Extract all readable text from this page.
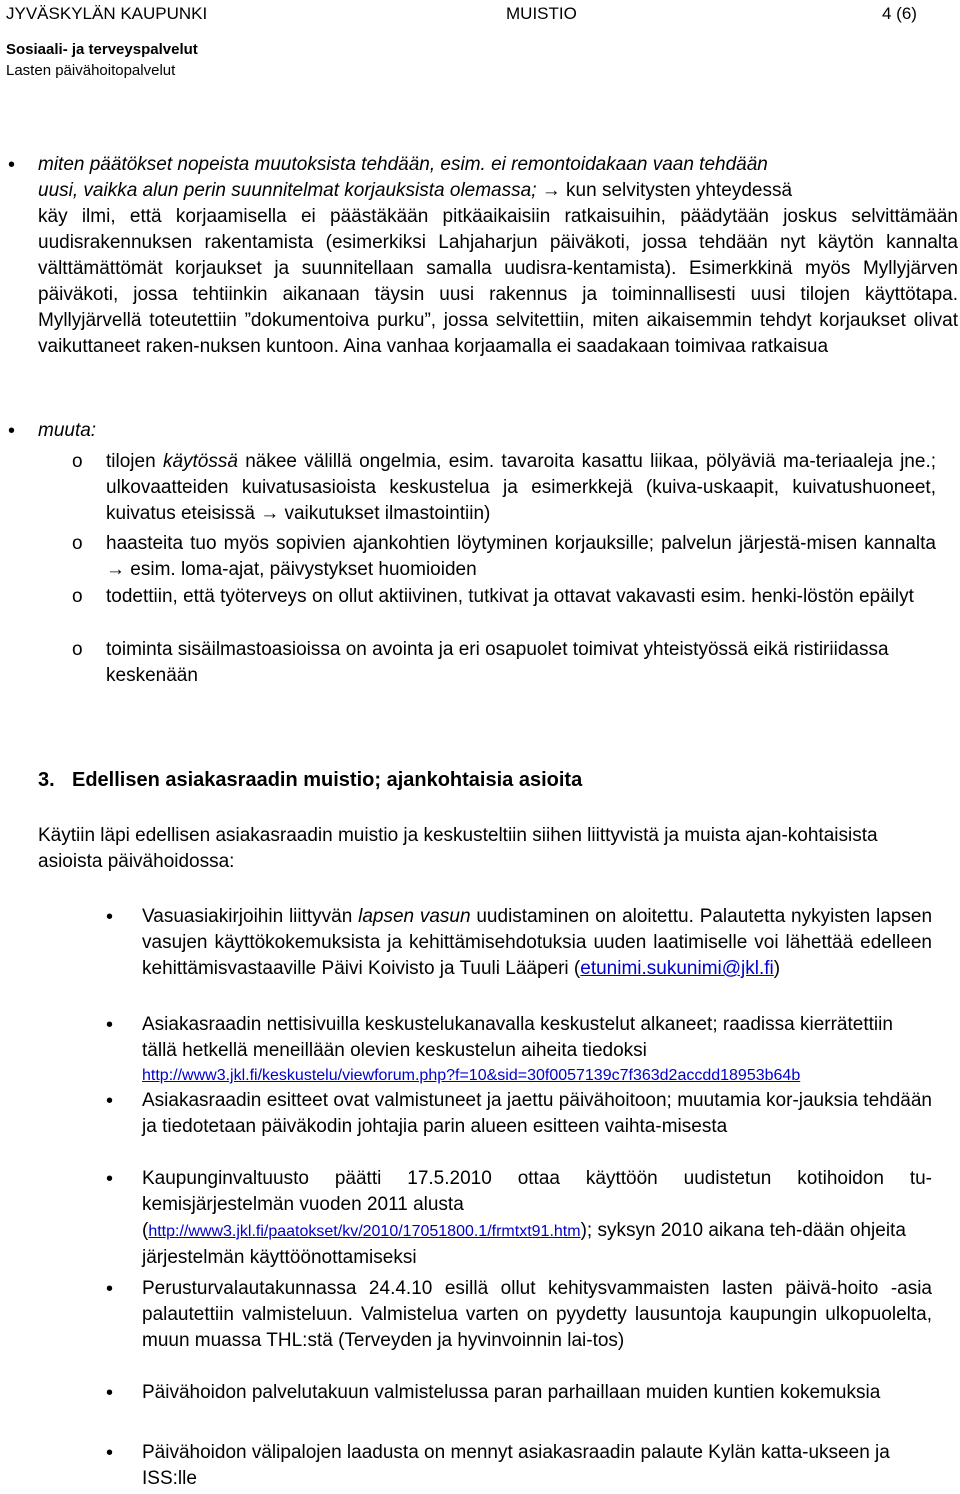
JYVÄSKYLÄN KAUPUNKI	MUISTIO	4 (6)
Sosiaali- ja terveyspalvelut
Lasten päivähoitopalvelut
• miten päätökset nopeista muutoksista tehdään, esim. ei remontoidakaan vaan tehdään
uusi, vaikka alun perin suunnitelmat korjauksista olemassa; → kun selvitysten yhteydessä
käy ilmi, että korjaamisella ei päästäkään pitkäaikaisiin ratkaisuihin, päädytään joskus selvittämään uudisrakennuksen rakentamista (esimerkiksi Lahjaharjun päiväkoti, jossa tehdään nyt käytön kannalta välttämättömät korjaukset ja suunnitellaan samalla uudisra-kentamista). Esimerkkinä myös Myllyjärven päiväkoti, jossa tehtiinkin aikanaan täysin uusi rakennus ja toiminnallisesti uusi tilojen käyttötapa. Myllyjärvellä toteutettiin ”dokumentoiva purku”, jossa selvitettiin, miten aikaisemmin tehdyt korjaukset olivat vaikuttaneet raken-nuksen kuntoon. Aina vanhaa korjaamalla ei saadakaan toimivaa ratkaisua
• muuta:
o tilojen käytössä näkee välillä ongelmia, esim. tavaroita kasattu liikaa, pölyäviä ma-teriaaleja jne.; ulkovaatteiden kuivatusasioista keskustelua ja esimerkkejä (kuiva-uskaapit, kuivatushuoneet, kuivatus eteisissä → vaikutukset ilmastointiin)
o haasteita tuo myös sopivien ajankohtien löytyminen korjauksille; palvelun järjestä-misen kannalta → esim. loma-ajat, päivystykset huomioiden
o todettiin, että työterveys on ollut aktiivinen, tutkivat ja ottavat vakavasti esim. henki-löstön epäilyt
o toiminta sisäilmastoasioissa on avointa ja eri osapuolet toimivat yhteistyössä eikä ristiriidassa keskenään
3. Edellisen asiakasraadin muistio; ajankohtaisia asioita
Käytiin läpi edellisen asiakasraadin muistio ja keskusteltiin siihen liittyvistä ja muista ajan-kohtaisista asioista päivähoidossa:
• Vasuasiakirjoihin liittyvän lapsen vasun uudistaminen on aloitettu. Palautetta nykyisten lapsen vasujen käyttökokemuksista ja kehittämisehdotuksia uuden laatimiselle voi lähettää edelleen kehittämisvastaaville Päivi Koivisto ja Tuuli Lääperi (etunimi.sukunimi@jkl.fi)
• Asiakasraadin nettisivuilla keskustelukanavalla keskustelut alkaneet; raadissa kierrätettiin tällä hetkellä meneillään olevien keskustelun aiheita tiedoksi
http://www3.jkl.fi/keskustelu/viewforum.php?f=10&sid=30f0057139c7f363d2accdd18953b64b
• Asiakasraadin esitteet ovat valmistuneet ja jaettu päivähoitoon; muutamia kor-jauksia tehdään ja tiedotetaan päiväkodin johtajia parin alueen esitteen vaihta-misesta
• Kaupunginvaltuusto päätti 17.5.2010 ottaa käyttöön uudistetun kotihoidon tu-kemisjärjestelmän vuoden 2011 alusta
(http://www3.jkl.fi/paatokset/kv/2010/17051800.1/frmtxt91.htm); syksyn 2010 aikana teh-dään ohjeita järjestelmän käyttöönottamiseksi
• Perusturvalautakunnassa 24.4.10 esillä ollut kehitysvammaisten lasten päivä-hoito -asia palautettiin valmisteluun. Valmistelua varten on pyydetty lausuntoja kaupungin ulkopuolelta, muun muassa THL:stä (Terveyden ja hyvinvoinnin lai-tos)
• Päivähoidon palvelutakuun valmistelussa paran parhaillaan muiden kuntien kokemuksia
• Päivähoidon välipalojen laadusta on mennyt asiakasraadin palaute Kylän katta-ukseen ja ISS:lle
